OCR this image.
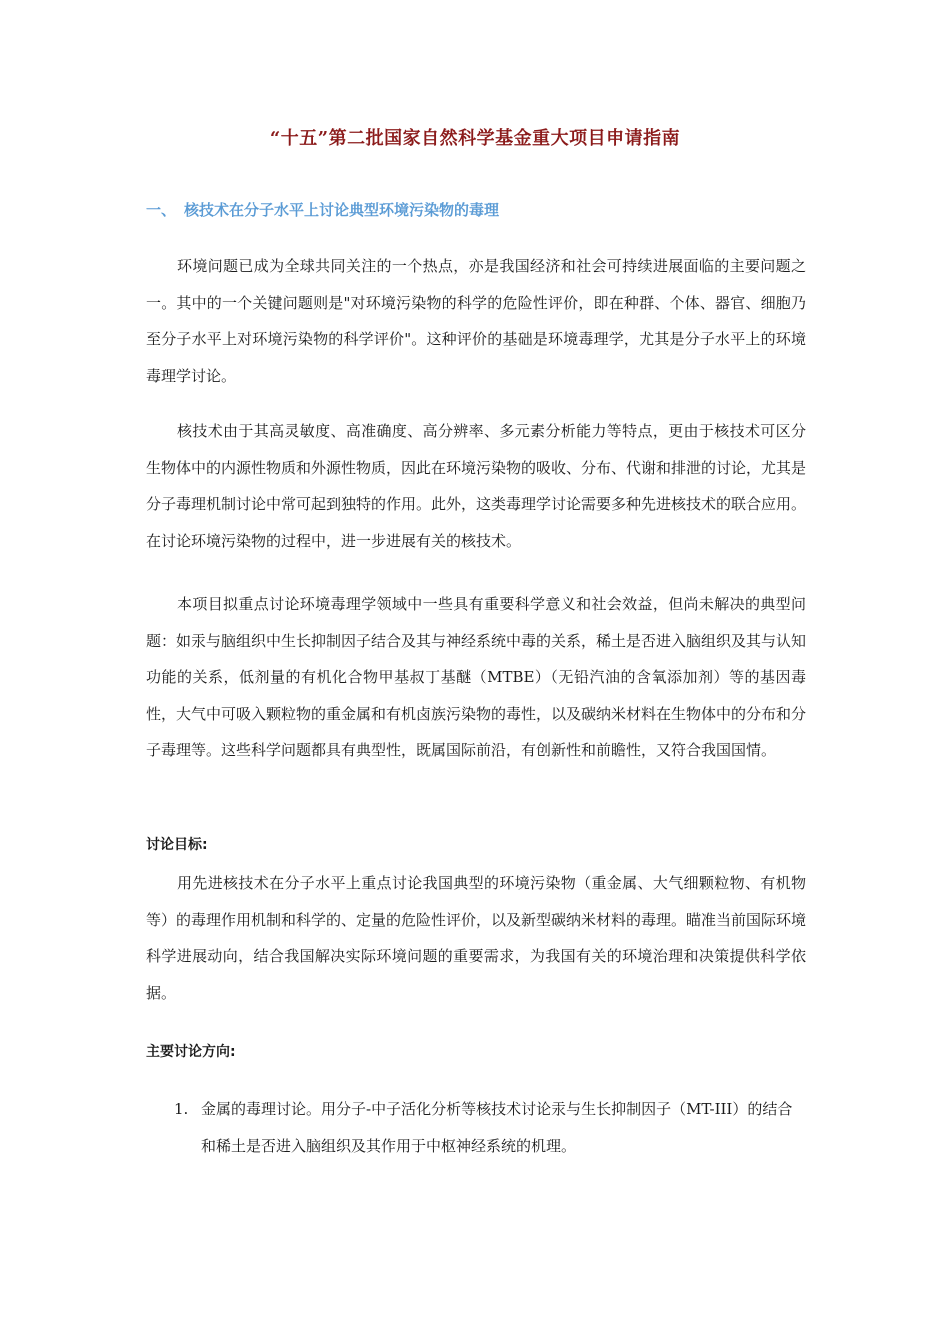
“十五”第二批国家自然科学基金重大项目申请指南
一、 核技术在分子水平上讨论典型环境污染物的毒理

环境问题已成为全球共同关注的一个热点，亦是我国经济和社会可持续进展面临的主要问题之一。其中的一个关键问题则是"对环境污染物的科学的危险性评价，即在种群、个体、器官、细胞乃至分子水平上对环境污染物的科学评价"。这种评价的基础是环境毒理学，尤其是分子水平上的环境毒理学讨论。

核技术由于其高灵敏度、高准确度、高分辨率、多元素分析能力等特点，更由于核技术可区分生物体中的内源性物质和外源性物质，因此在环境污染物的吸收、分布、代谢和排泄的讨论，尤其是分子毒理机制讨论中常可起到独特的作用。此外，这类毒理学讨论需要多种先进核技术的联合应用。在讨论环境污染物的过程中，进一步进展有关的核技术。

本项目拟重点讨论环境毒理学领域中一些具有重要科学意义和社会效益，但尚未解决的典型问题：如汞与脑组织中生长抑制因子结合及其与神经系统中毒的关系，稀土是否进入脑组织及其与认知功能的关系，低剂量的有机化合物甲基叔丁基醚（MTBE）（无铅汽油的含氧添加剂）等的基因毒性，大气中可吸入颗粒物的重金属和有机卤族污染物的毒性，以及碳纳米材料在生物体中的分布和分子毒理等。这些科学问题都具有典型性，既属国际前沿，有创新性和前瞻性，又符合我国国情。

讨论目标:

用先进核技术在分子水平上重点讨论我国典型的环境污染物（重金属、大气细颗粒物、有机物等）的毒理作用机制和科学的、定量的危险性评价，以及新型碳纳米材料的毒理。瞄准当前国际环境科学进展动向，结合我国解决实际环境问题的重要需求，为我国有关的环境治理和决策提供科学依据。

主要讨论方向:

1. 金属的毒理讨论。用分子-中子活化分析等核技术讨论汞与生长抑制因子（MT-III）的结合和稀土是否进入脑组织及其作用于中枢神经系统的机理。
